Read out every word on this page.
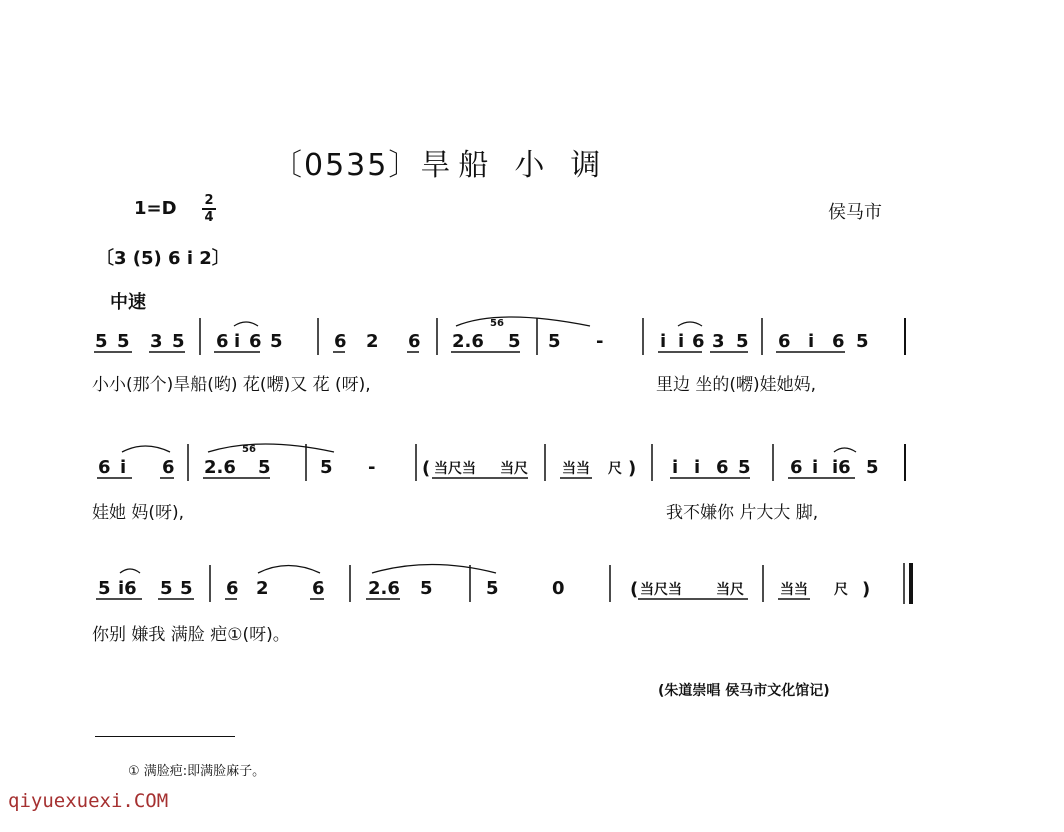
〔0535〕旱 船小调
1=D 2
4	侯马市
〔3 (5) 6 i 2〕
中速
5 5 3 5 6 i 6 5	6 2 6 2.6
56
5 5 -	i i 6 3 5 6 i 6 5
6 i 6 2.6
56
5	5 -	( 当尺当 当尺 当当 尺 ) i i 6 5 6 i i6 5
5 i6 5 5 6 2 6 2.6 5	5	0	( 当尺当 当尺	当当 尺 )
小小(那个)旱船(哟) 花(㘄)又 花 (呀),	里边 坐的(㘄)娃她妈,
娃她 妈(呀),	我不嫌你 片大大 脚,
你别 嫌我 满脸 疤①(呀)。
(朱道崇唱 侯马市文化馆记)
① 满脸疤:即满脸麻子。
qiyuexuexi.COM
